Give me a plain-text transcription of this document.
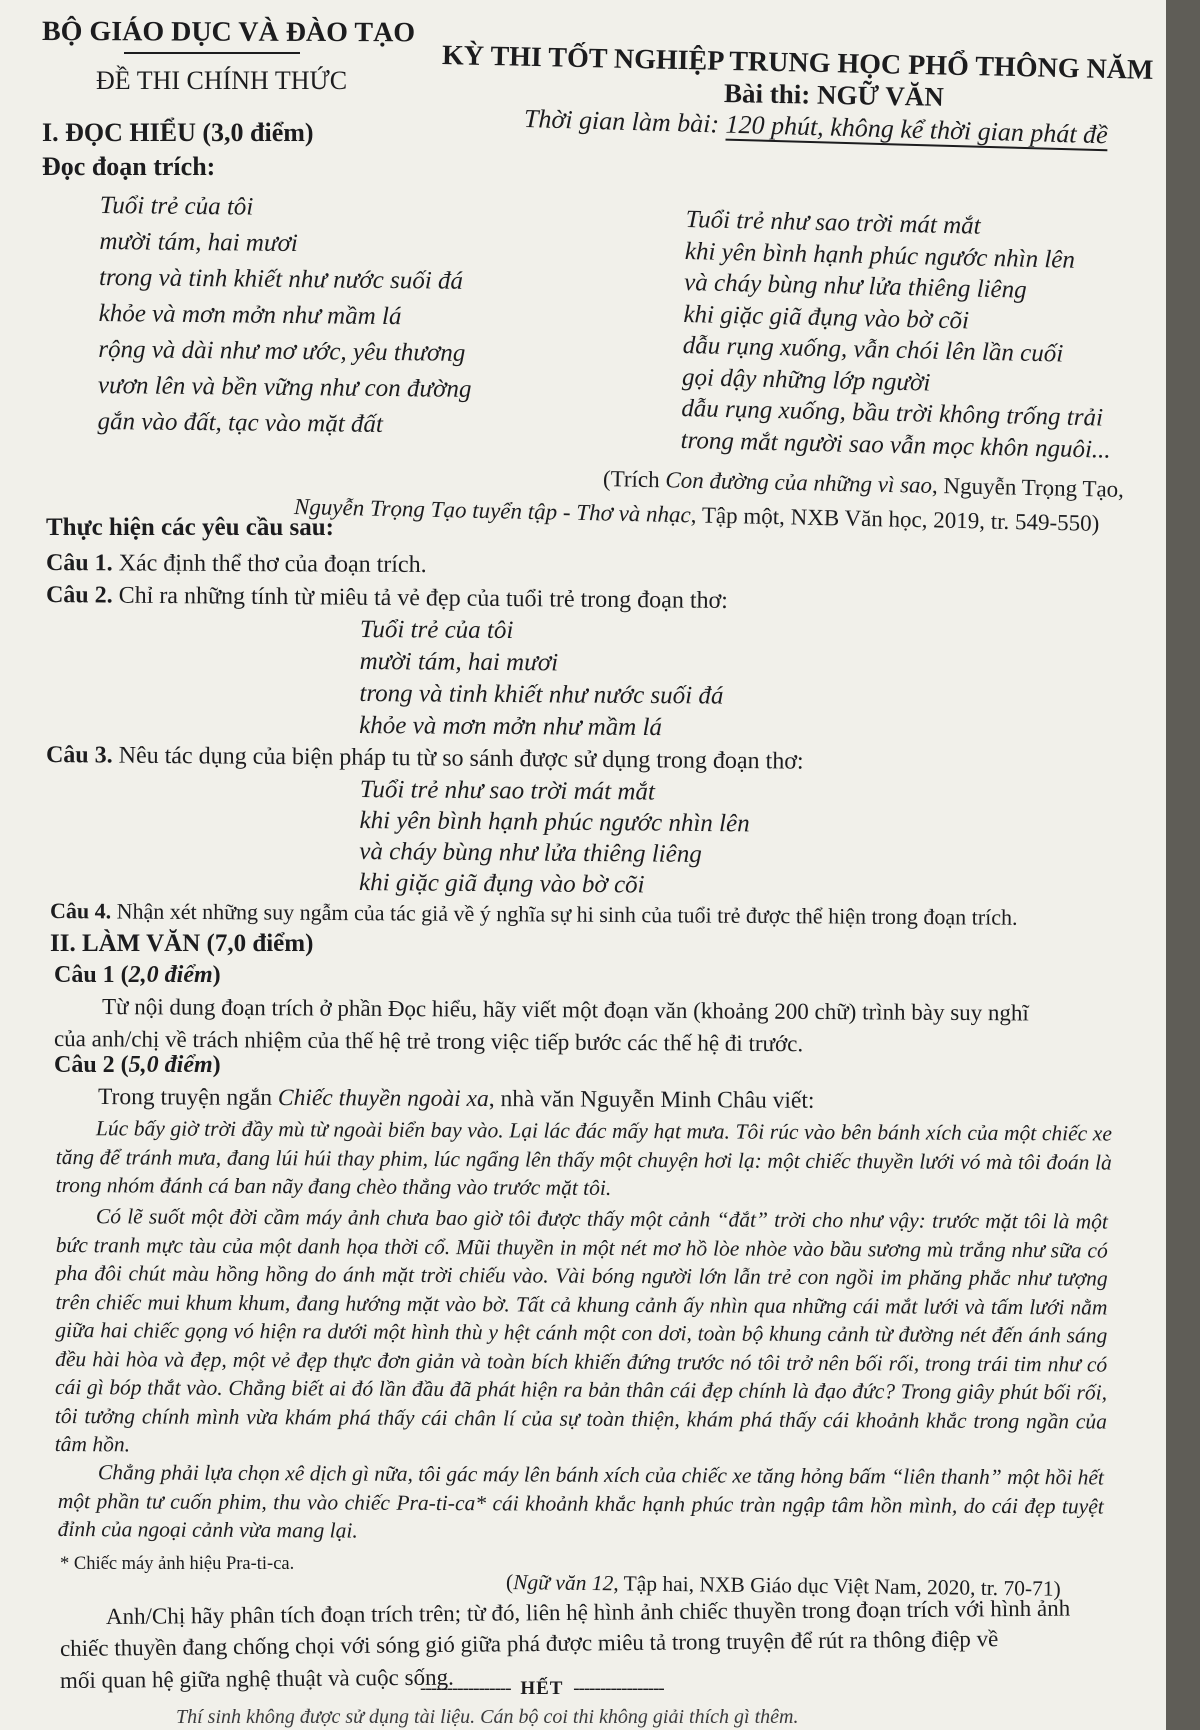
BỘ GIÁO DỤC VÀ ĐÀO TẠO
KỲ THI TỐT NGHIỆP TRUNG HỌC PHỔ THÔNG NĂM
ĐỀ THI CHÍNH THỨC	Bài thi: NGỮ VĂN
Thời gian làm bài: 120 phút, không kể thời gian phát đề
I. ĐỌC HIỂU (3,0 điểm)
Đọc đoạn trích:
Tuổi trẻ của tôi
mười tám, hai mươi
trong và tinh khiết như nước suối đá
khỏe và mơn mởn như mầm lá
rộng và dài như mơ ước, yêu thương
vươn lên và bền vững như con đường
gắn vào đất, tạc vào mặt đất
Tuổi trẻ như sao trời mát mắt
khi yên bình hạnh phúc ngước nhìn lên
và cháy bùng như lửa thiêng liêng
khi giặc giã đụng vào bờ cõi
dẫu rụng xuống, vẫn chói lên lần cuối
gọi dậy những lớp người
dẫu rụng xuống, bầu trời không trống trải
trong mắt người sao vẫn mọc khôn nguôi...
(Trích Con đường của những vì sao, Nguyễn Trọng Tạo,
Nguyễn Trọng Tạo tuyển tập - Thơ và nhạc, Tập một, NXB Văn học, 2019, tr. 549-550)
Thực hiện các yêu cầu sau:
Câu 1. Xác định thể thơ của đoạn trích.
Câu 2. Chỉ ra những tính từ miêu tả vẻ đẹp của tuổi trẻ trong đoạn thơ:
Tuổi trẻ của tôi
mười tám, hai mươi
trong và tinh khiết như nước suối đá
khỏe và mơn mởn như mầm lá
Câu 3. Nêu tác dụng của biện pháp tu từ so sánh được sử dụng trong đoạn thơ:
Tuổi trẻ như sao trời mát mắt
khi yên bình hạnh phúc ngước nhìn lên
và cháy bùng như lửa thiêng liêng
khi giặc giã đụng vào bờ cõi
Câu 4. Nhận xét những suy ngẫm của tác giả về ý nghĩa sự hi sinh của tuổi trẻ được thể hiện trong đoạn trích.
II. LÀM VĂN (7,0 điểm)
Câu 1 (2,0 điểm)
Từ nội dung đoạn trích ở phần Đọc hiểu, hãy viết một đoạn văn (khoảng 200 chữ) trình bày suy nghĩ
của anh/chị về trách nhiệm của thế hệ trẻ trong việc tiếp bước các thế hệ đi trước.
Câu 2 (5,0 điểm)
Trong truyện ngắn Chiếc thuyền ngoài xa, nhà văn Nguyễn Minh Châu viết:
Lúc bấy giờ trời đầy mù từ ngoài biển bay vào. Lại lác đác mấy hạt mưa. Tôi rúc vào bên bánh xích của một chiếc xe tăng để tránh mưa, đang lúi húi thay phim, lúc ngẩng lên thấy một chuyện hơi lạ: một chiếc thuyền lưới vó mà tôi đoán là trong nhóm đánh cá ban nãy đang chèo thẳng vào trước mặt tôi.
Có lẽ suốt một đời cầm máy ảnh chưa bao giờ tôi được thấy một cảnh “đắt” trời cho như vậy: trước mặt tôi là một bức tranh mực tàu của một danh họa thời cổ. Mũi thuyền in một nét mơ hồ lòe nhòe vào bầu sương mù trắng như sữa có pha đôi chút màu hồng hồng do ánh mặt trời chiếu vào. Vài bóng người lớn lẫn trẻ con ngồi im phăng phắc như tượng trên chiếc mui khum khum, đang hướng mặt vào bờ. Tất cả khung cảnh ấy nhìn qua những cái mắt lưới và tấm lưới nằm giữa hai chiếc gọng vó hiện ra dưới một hình thù y hệt cánh một con dơi, toàn bộ khung cảnh từ đường nét đến ánh sáng đều hài hòa và đẹp, một vẻ đẹp thực đơn giản và toàn bích khiến đứng trước nó tôi trở nên bối rối, trong trái tim như có cái gì bóp thắt vào. Chẳng biết ai đó lần đầu đã phát hiện ra bản thân cái đẹp chính là đạo đức? Trong giây phút bối rối, tôi tưởng chính mình vừa khám phá thấy cái chân lí của sự toàn thiện, khám phá thấy cái khoảnh khắc trong ngần của tâm hồn.
Chẳng phải lựa chọn xê dịch gì nữa, tôi gác máy lên bánh xích của chiếc xe tăng hỏng bấm “liên thanh” một hồi hết một phần tư cuốn phim, thu vào chiếc Pra-ti-ca* cái khoảnh khắc hạnh phúc tràn ngập tâm hồn mình, do cái đẹp tuyệt đỉnh của ngoại cảnh vừa mang lại.
* Chiếc máy ảnh hiệu Pra-ti-ca.
(Ngữ văn 12, Tập hai, NXB Giáo dục Việt Nam, 2020, tr. 70-71)
Anh/Chị hãy phân tích đoạn trích trên; từ đó, liên hệ hình ảnh chiếc thuyền trong đoạn trích với hình ảnh
chiếc thuyền đang chống chọi với sóng gió giữa phá được miêu tả trong truyện để rút ra thông điệp về
mối quan hệ giữa nghệ thuật và cuộc sống.
----------------- HẾT -----------------
Thí sinh không được sử dụng tài liệu. Cán bộ coi thi không giải thích gì thêm.
